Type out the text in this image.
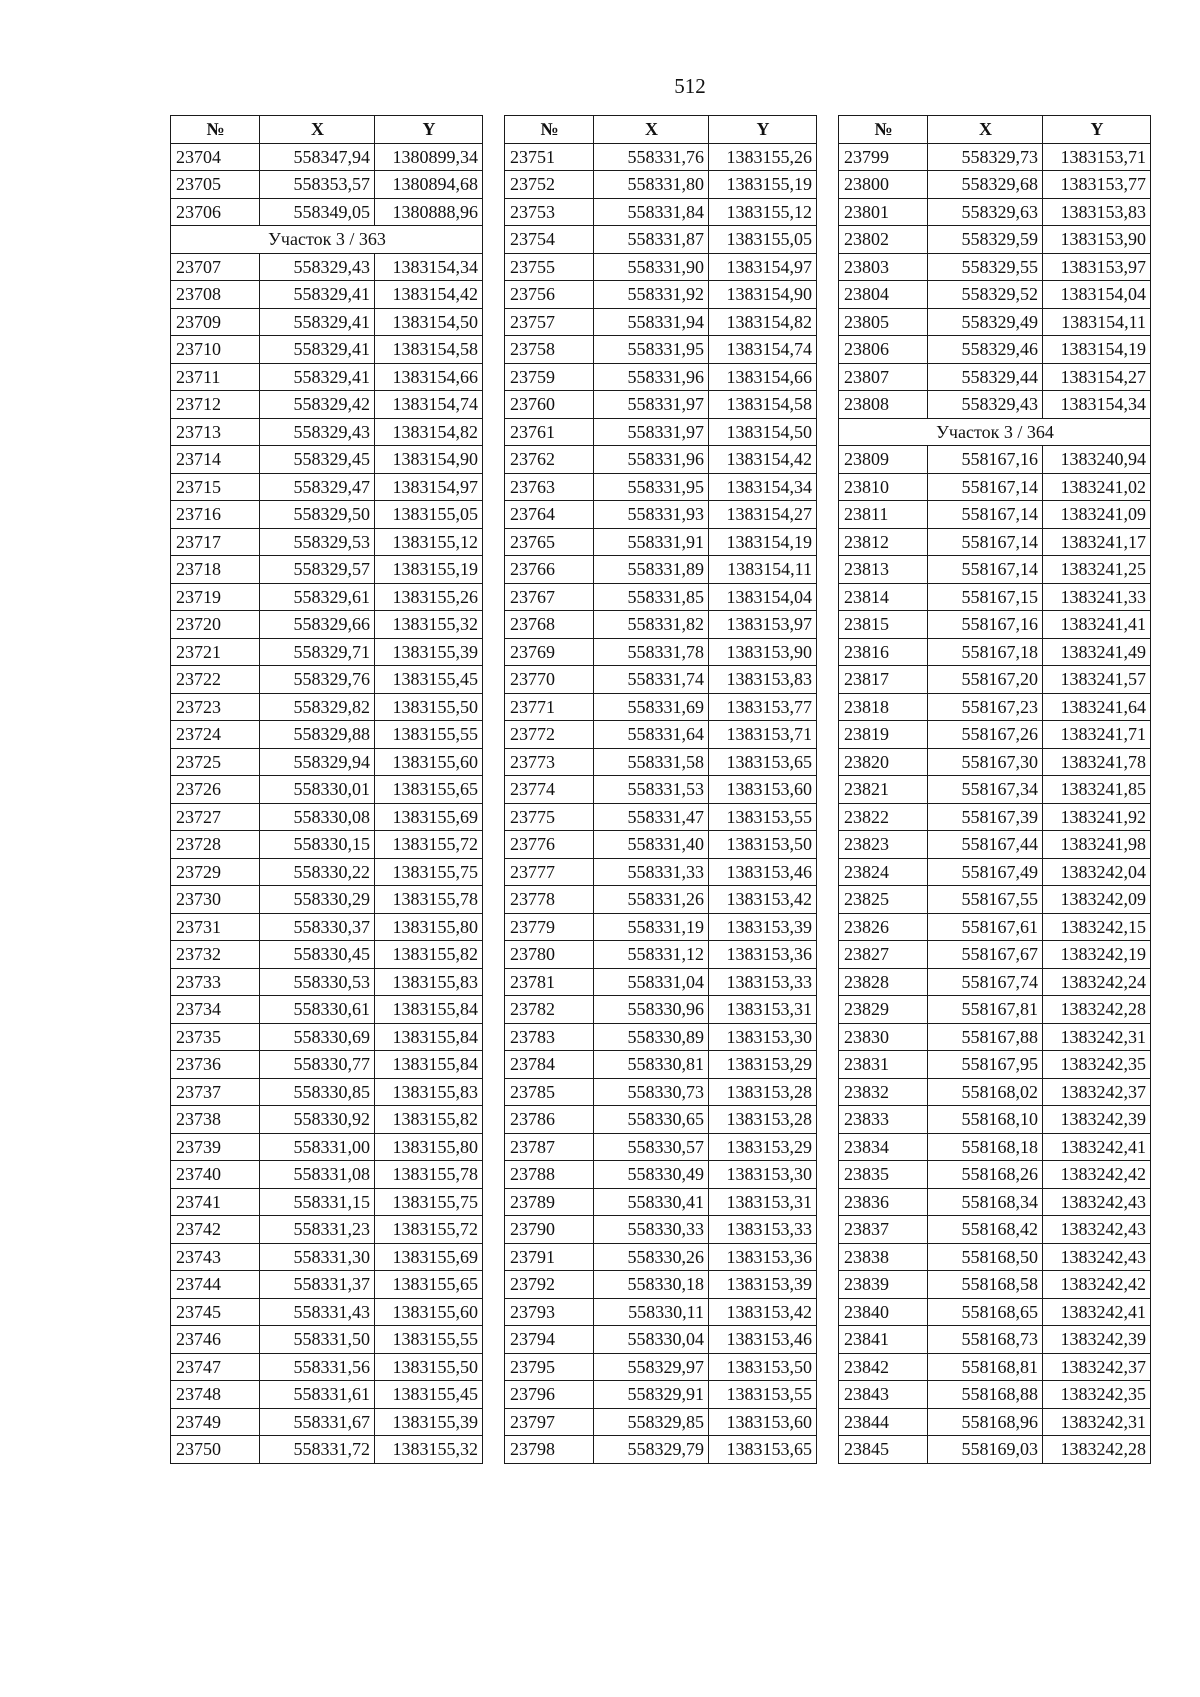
512
№	X	Y
23704	558347,94	1380899,34
23705	558353,57	1380894,68
23706	558349,05	1380888,96
Участок 3 / 363		
23707	558329,43	1383154,34
23708	558329,41	1383154,42
23709	558329,41	1383154,50
23710	558329,41	1383154,58
23711	558329,41	1383154,66
23712	558329,42	1383154,74
23713	558329,43	1383154,82
23714	558329,45	1383154,90
23715	558329,47	1383154,97
23716	558329,50	1383155,05
23717	558329,53	1383155,12
23718	558329,57	1383155,19
23719	558329,61	1383155,26
23720	558329,66	1383155,32
23721	558329,71	1383155,39
23722	558329,76	1383155,45
23723	558329,82	1383155,50
23724	558329,88	1383155,55
23725	558329,94	1383155,60
23726	558330,01	1383155,65
23727	558330,08	1383155,69
23728	558330,15	1383155,72
23729	558330,22	1383155,75
23730	558330,29	1383155,78
23731	558330,37	1383155,80
23732	558330,45	1383155,82
23733	558330,53	1383155,83
23734	558330,61	1383155,84
23735	558330,69	1383155,84
23736	558330,77	1383155,84
23737	558330,85	1383155,83
23738	558330,92	1383155,82
23739	558331,00	1383155,80
23740	558331,08	1383155,78
23741	558331,15	1383155,75
23742	558331,23	1383155,72
23743	558331,30	1383155,69
23744	558331,37	1383155,65
23745	558331,43	1383155,60
23746	558331,50	1383155,55
23747	558331,56	1383155,50
23748	558331,61	1383155,45
23749	558331,67	1383155,39
23750	558331,72	1383155,32
№	X	Y
23751	558331,76	1383155,26
23752	558331,80	1383155,19
23753	558331,84	1383155,12
23754	558331,87	1383155,05
23755	558331,90	1383154,97
23756	558331,92	1383154,90
23757	558331,94	1383154,82
23758	558331,95	1383154,74
23759	558331,96	1383154,66
23760	558331,97	1383154,58
23761	558331,97	1383154,50
23762	558331,96	1383154,42
23763	558331,95	1383154,34
23764	558331,93	1383154,27
23765	558331,91	1383154,19
23766	558331,89	1383154,11
23767	558331,85	1383154,04
23768	558331,82	1383153,97
23769	558331,78	1383153,90
23770	558331,74	1383153,83
23771	558331,69	1383153,77
23772	558331,64	1383153,71
23773	558331,58	1383153,65
23774	558331,53	1383153,60
23775	558331,47	1383153,55
23776	558331,40	1383153,50
23777	558331,33	1383153,46
23778	558331,26	1383153,42
23779	558331,19	1383153,39
23780	558331,12	1383153,36
23781	558331,04	1383153,33
23782	558330,96	1383153,31
23783	558330,89	1383153,30
23784	558330,81	1383153,29
23785	558330,73	1383153,28
23786	558330,65	1383153,28
23787	558330,57	1383153,29
23788	558330,49	1383153,30
23789	558330,41	1383153,31
23790	558330,33	1383153,33
23791	558330,26	1383153,36
23792	558330,18	1383153,39
23793	558330,11	1383153,42
23794	558330,04	1383153,46
23795	558329,97	1383153,50
23796	558329,91	1383153,55
23797	558329,85	1383153,60
23798	558329,79	1383153,65
№	X	Y
23799	558329,73	1383153,71
23800	558329,68	1383153,77
23801	558329,63	1383153,83
23802	558329,59	1383153,90
23803	558329,55	1383153,97
23804	558329,52	1383154,04
23805	558329,49	1383154,11
23806	558329,46	1383154,19
23807	558329,44	1383154,27
23808	558329,43	1383154,34
Участок 3 / 364		
23809	558167,16	1383240,94
23810	558167,14	1383241,02
23811	558167,14	1383241,09
23812	558167,14	1383241,17
23813	558167,14	1383241,25
23814	558167,15	1383241,33
23815	558167,16	1383241,41
23816	558167,18	1383241,49
23817	558167,20	1383241,57
23818	558167,23	1383241,64
23819	558167,26	1383241,71
23820	558167,30	1383241,78
23821	558167,34	1383241,85
23822	558167,39	1383241,92
23823	558167,44	1383241,98
23824	558167,49	1383242,04
23825	558167,55	1383242,09
23826	558167,61	1383242,15
23827	558167,67	1383242,19
23828	558167,74	1383242,24
23829	558167,81	1383242,28
23830	558167,88	1383242,31
23831	558167,95	1383242,35
23832	558168,02	1383242,37
23833	558168,10	1383242,39
23834	558168,18	1383242,41
23835	558168,26	1383242,42
23836	558168,34	1383242,43
23837	558168,42	1383242,43
23838	558168,50	1383242,43
23839	558168,58	1383242,42
23840	558168,65	1383242,41
23841	558168,73	1383242,39
23842	558168,81	1383242,37
23843	558168,88	1383242,35
23844	558168,96	1383242,31
23845	558169,03	1383242,28
